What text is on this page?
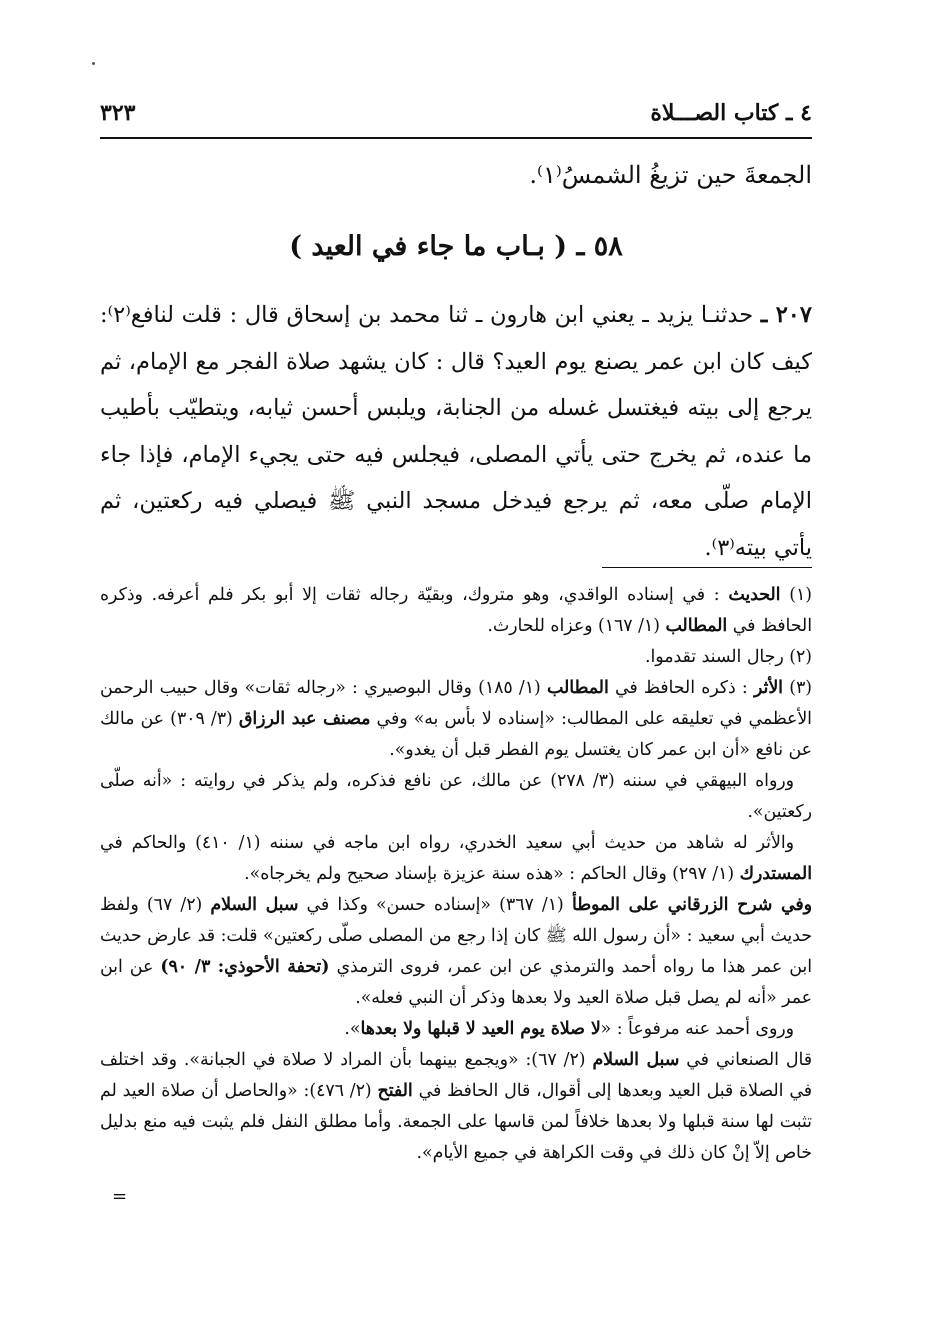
٤ ـ كتاب الصـــلاة
٣٢٣
الجمعةَ حين تزيغُ الشمسُ⁽١⁾.
٥٨ ـ ( بـاب ما جاء في العيد )
٢٠٧ ـ حدثنـا يزيد ـ يعني ابن هارون ـ ثنا محمد بن إسحاق قال : قلت لنافع⁽٢⁾: كيف كان ابن عمر يصنع يوم العيد؟ قال : كان يشهد صلاة الفجر مع الإمام، ثم يرجع إلى بيته فيغتسل غسله من الجنابة، ويلبس أحسن ثيابه، ويتطيّب بأطيب ما عنده، ثم يخرج حتى يأتي المصلى، فيجلس فيه حتى يجيء الإمام، فإذا جاء الإمام صلّى معه، ثم يرجع فيدخل مسجد النبي ﷺ فيصلي فيه ركعتين، ثم يأتي بيته⁽٣⁾.

(١) الحديث : في إسناده الواقدي، وهو متروك، وبقيّة رجاله ثقات إلا أبو بكر فلم أعرفه. وذكره الحافظ في المطالب (١/ ١٦٧) وعزاه للحارث.

(٢) رجال السند تقدموا.

(٣) الأثر : ذكره الحافظ في المطالب (١/ ١٨٥) وقال البوصيري : «رجاله ثقات» وقال حبيب الرحمن الأعظمي في تعليقه على المطالب: «إسناده لا بأس به» وفي مصنف عبد الرزاق (٣/ ٣٠٩) عن مالك عن نافع «أن ابن عمر كان يغتسل يوم الفطر قبل أن يغدو».

ورواه البيهقي في سننه (٣/ ٢٧٨) عن مالك، عن نافع فذكره، ولم يذكر في روايته : «أنه صلّى ركعتين».

والأثر له شاهد من حديث أبي سعيد الخدري، رواه ابن ماجه في سننه (١/ ٤١٠) والحاكم في المستدرك (١/ ٢٩٧) وقال الحاكم : «هذه سنة عزيزة بإسناد صحيح ولم يخرجاه».

وفي شرح الزرقاني على الموطأ (١/ ٣٦٧) «إسناده حسن» وكذا في سبل السلام (٢/ ٦٧) ولفظ حديث أبي سعيد : «أن رسول الله ﷺ كان إذا رجع من المصلى صلّى ركعتين» قلت: قد عارض حديث ابن عمر هذا ما رواه أحمد والترمذي عن ابن عمر، فروى الترمذي (تحفة الأحوذي: ٣/ ٩٠) عن ابن عمر «أنه لم يصل قبل صلاة العيد ولا بعدها وذكر أن النبي فعله».

وروى أحمد عنه مرفوعاً : «لا صلاة يوم العيد لا قبلها ولا بعدها».

قال الصنعاني في سبل السلام (٢/ ٦٧): «ويجمع بينهما بأن المراد لا صلاة في الجبانة». وقد اختلف في الصلاة قبل العيد وبعدها إلى أقوال، قال الحافظ في الفتح (٢/ ٤٧٦): «والحاصل أن صلاة العيد لم تثبت لها سنة قبلها ولا بعدها خلافاً لمن قاسها على الجمعة. وأما مطلق النفل فلم يثبت فيه منع بدليل خاص إلاّ إنْ كان ذلك في وقت الكراهة في جميع الأيام».

=
